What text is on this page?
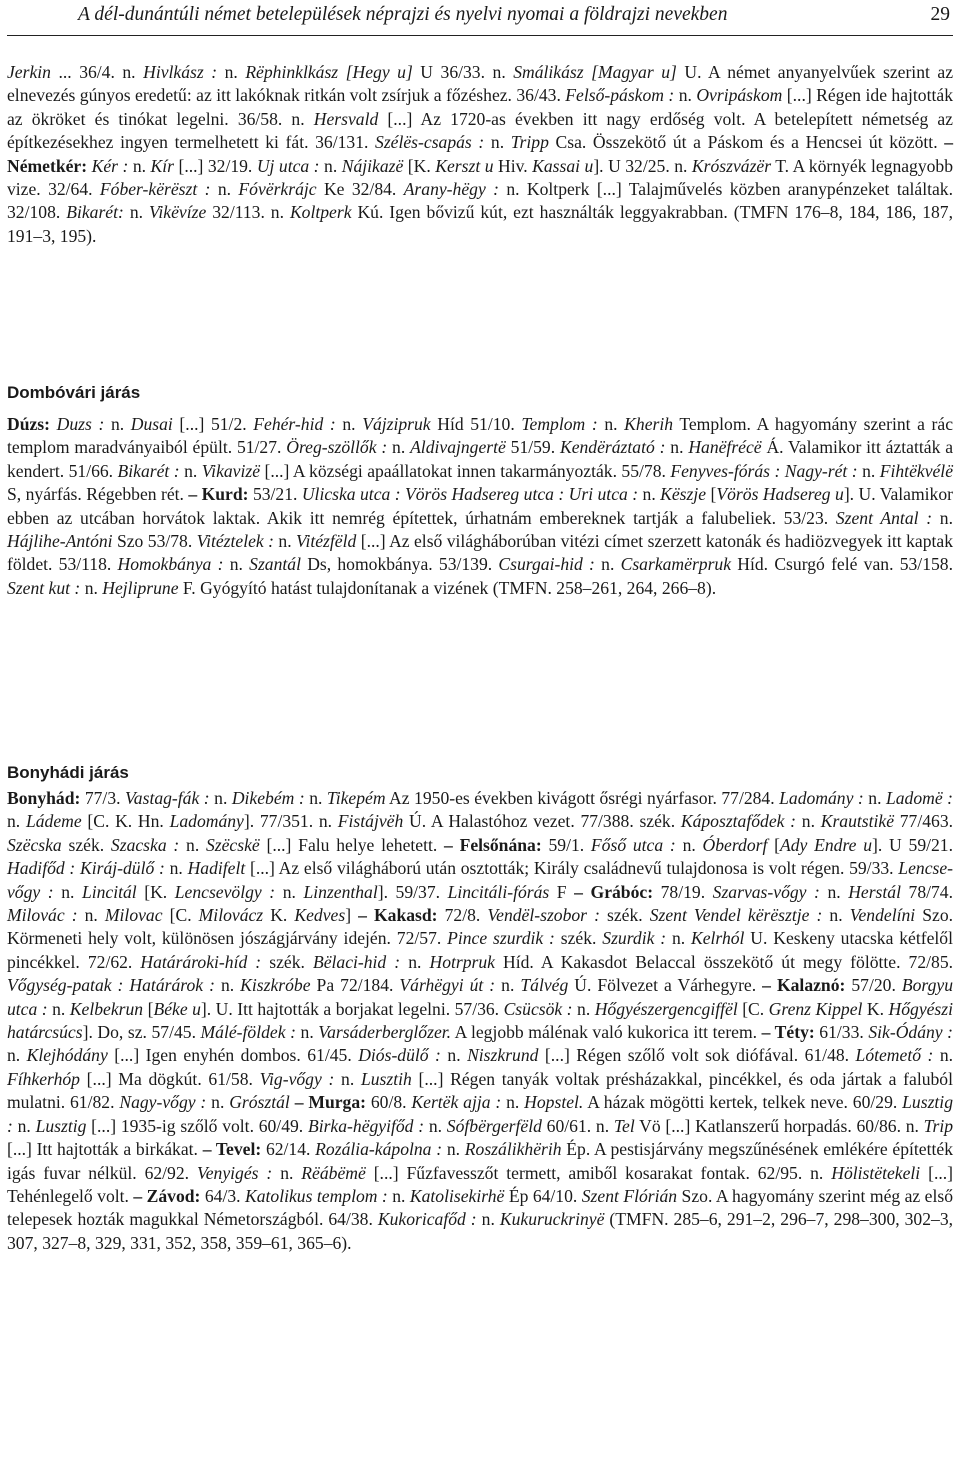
A dél-dunántúli német betelepülések néprajzi és nyelvi nyomai a földrajzi nevekben	29
Jerkin ... 36/4. n. Hivlkász : n. Rëphinklkász [Hegy u] U 36/33. n. Smálikász [Magyar u] U. A német anyanyelvűek szerint az elnevezés gúnyos eredetű: az itt lakóknak ritkán volt zsírjuk a főzéshez. 36/43. Felső-páskom : n. Ovripáskom [...] Régen ide hajtották az ökröket és tinókat legelni. 36/58. n. Hersvald [...] Az 1720-as években itt nagy erdőség volt. A betelepített németség az építkezésekhez ingyen termelhetett ki fát. 36/131. Szélës-csapás : n. Tripp Csa. Összekötő út a Páskom és a Hencsei út között. – Németkér: Kér : n. Kír [...] 32/19. Uj utca : n. Nájikazë [K. Kerszt u Hiv. Kassai u]. U 32/25. n. Krószvázër T. A környék legnagyobb vize. 32/64. Fóber-kërëszt : n. Fóvërkrájc Ke 32/84. Arany-hëgy : n. Koltperk [...] Talajművelés közben aranypénzeket találtak. 32/108. Bikarét: n. Vikëvíze 32/113. n. Koltperk Kú. Igen bővizű kút, ezt használták leggyakrabban. (TMFN 176–8, 184, 186, 187, 191–3, 195).
Dombóvári járás
Dúzs: Duzs : n. Dusai [...] 51/2. Fehér-hid : n. Vájzipruk Híd 51/10. Templom : n. Kherih Templom. A hagyomány szerint a rác templom maradványaiból épült. 51/27. Öreg-szöllők : n. Aldivajngertë 51/59. Kendëráztató : n. Hanëfrécë Á. Valamikor itt áztatták a kendert. 51/66. Bikarét : n. Vikavizë [...] A községi apaállatokat innen takarmányozták. 55/78. Fenyves-fórás : Nagy-rét : n. Fihtëkvélë S, nyárfás. Régebben rét. – Kurd: 53/21. Ulicska utca : Vörös Hadsereg utca : Uri utca : n. Këszje [Vörös Hadsereg u]. U. Valamikor ebben az utcában horvátok laktak. Akik itt nemrég építettek, úrhatnám embereknek tartják a falubeliek. 53/23. Szent Antal : n. Hájlihe-Antóni Szo 53/78. Vitéztelek : n. Vitézfëld [...] Az első világháborúban vitézi címet szerzett katonák és hadiözvegyek itt kaptak földet. 53/118. Homokbánya : n. Szantál Ds, homokbánya. 53/139. Csurgai-hid : n. Csarkamërpruk Híd. Csurgó felé van. 53/158. Szent kut : n. Hejliprune F. Gyógyító hatást tulajdonítanak a vizének (TMFN. 258–261, 264, 266–8).
Bonyhádi járás
Bonyhád: 77/3. Vastag-fák : n. Dikebém : n. Tikepém Az 1950-es években kivágott ősrégi nyárfasor. 77/284. Ladomány : n. Ladomë : n. Ládeme [C. K. Hn. Ladomány]. 77/351. n. Fistájvëh Ú. A Halastóhoz vezet. 77/388. szék. Káposztafődek : n. Krautstikë 77/463. Szëcska szék. Szacska : n. Szëcskë [...] Falu helye lehetett. – Felsőnána: 59/1. Főső utca : n. Óberdorf [Ady Endre u]. U 59/21. Hadifőd : Kiráj-dülő : n. Hadifelt [...] Az első világháború után osztották; Király családnevű tulajdonosa is volt régen. 59/33. Lencse-vőgy : n. Lincitál [K. Lencsevölgy : n. Linzenthal]. 59/37. Lincitáli-fórás F – Grábóc: 78/19. Szarvas-vőgy : n. Herstál 78/74. Milovác : n. Milovac [C. Milovácz K. Kedves] – Kakasd: 72/8. Vendël-szobor : szék. Szent Vendel kërësztje : n. Vendelíni Szo. Körmeneti hely volt, különösen jószágjárvány idején. 72/57. Pince szurdik : szék. Szurdik : n. Kelrhól U. Keskeny utacska kétfelől pincékkel. 72/62. Határároki-híd : szék. Bëlaci-hid : n. Hotrpruk Híd. A Kakasdot Belaccal összekötő út megy fölötte. 72/85. Vőgység-patak : Határárok : n. Kiszkróbe Pa 72/184. Várhëgyi út : n. Tálvég Ú. Fölvezet a Várhegyre. – Kalaznó: 57/20. Borgyu utca : n. Kelbekrun [Béke u]. U. Itt hajtották a borjakat legelni. 57/36. Csücsök : n. Hőgyészergencgiffël [C. Grenz Kippel K. Hőgyészi határcsúcs]. Do, sz. 57/45. Málé-földek : n. Varsáderberglőzer. A legjobb málénak való kukorica itt terem. – Téty: 61/33. Sik-Ódány : n. Klejhódány [...] Igen enyhén dombos. 61/45. Diós-dülő : n. Niszkrund [...] Régen szőlő volt sok diófával. 61/48. Lótemető : n. Fíhkerhóp [...] Ma dögkút. 61/58. Vig-vőgy : n. Lusztih [...] Régen tanyák voltak présházakkal, pincékkel, és oda jártak a faluból mulatni. 61/82. Nagy-vőgy : n. Grósztál – Murga: 60/8. Kertëk ajja : n. Hopstel. A házak mögötti kertek, telkek neve. 60/29. Lusztig : n. Lusztig [...] 1935-ig szőlő volt. 60/49. Birka-hëgyifőd : n. Sófbërgerfëld 60/61. n. Tel Vö [...] Katlanszerű horpadás. 60/86. n. Trip [...] Itt hajtották a birkákat. – Tevel: 62/14. Rozália-kápolna : n. Roszálikhërih Ép. A pestisjárvány megszűnésének emlékére építették igás fuvar nélkül. 62/92. Venyigés : n. Rëábëmë [...] Fűzfavesszőt termett, amiből kosarakat fontak. 62/95. n. Hölistëtekeli [...] Tehénlegelő volt. – Závod: 64/3. Katolikus templom : n. Katolisekirhë Ép 64/10. Szent Flórián Szo. A hagyomány szerint még az első telepesek hozták magukkal Németországból. 64/38. Kukoricafőd : n. Kukuruckrinyë (TMFN. 285–6, 291–2, 296–7, 298–300, 302–3, 307, 327–8, 329, 331, 352, 358, 359–61, 365–6).
